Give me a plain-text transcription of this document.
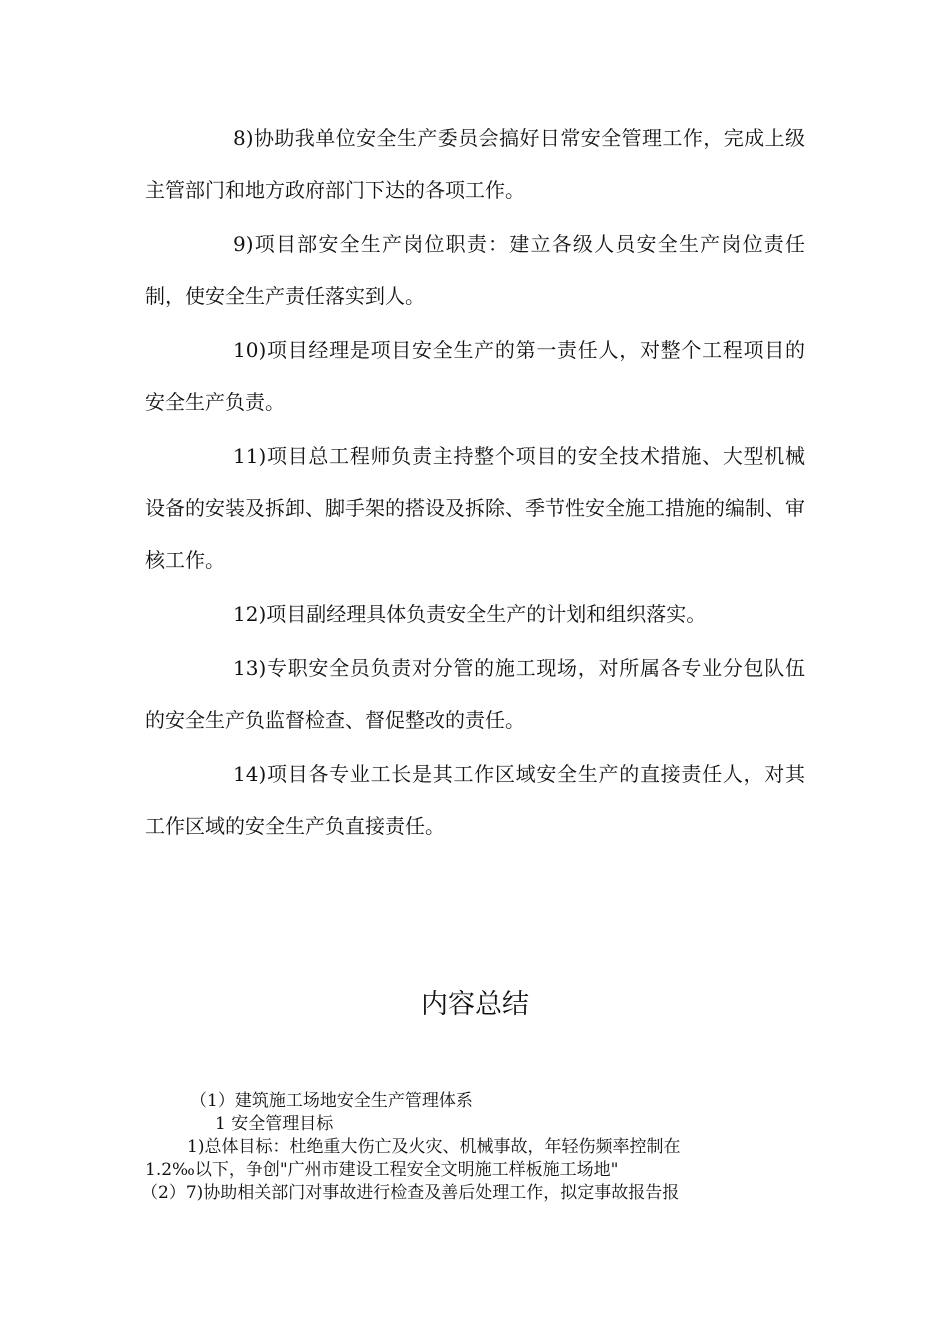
8)协助我单位安全生产委员会搞好日常安全管理工作，完成上级主管部门和地方政府部门下达的各项工作。

9)项目部安全生产岗位职责：建立各级人员安全生产岗位责任制，使安全生产责任落实到人。

10)项目经理是项目安全生产的第一责任人，对整个工程项目的安全生产负责。

11)项目总工程师负责主持整个项目的安全技术措施、大型机械设备的安装及拆卸、脚手架的搭设及拆除、季节性安全施工措施的编制、审核工作。

12)项目副经理具体负责安全生产的计划和组织落实。

13)专职安全员负责对分管的施工现场，对所属各专业分包队伍的安全生产负监督检查、督促整改的责任。

14)项目各专业工长是其工作区域安全生产的直接责任人，对其工作区域的安全生产负直接责任。

内容总结
（1）建筑施工场地安全生产管理体系
1 安全管理目标
1)总体目标：杜绝重大伤亡及火灾、机械事故，年轻伤频率控制在
1.2‰以下，争创"广州市建设工程安全文明施工样板施工场地"
（2）7)协助相关部门对事故进行检查及善后处理工作，拟定事故报告报
